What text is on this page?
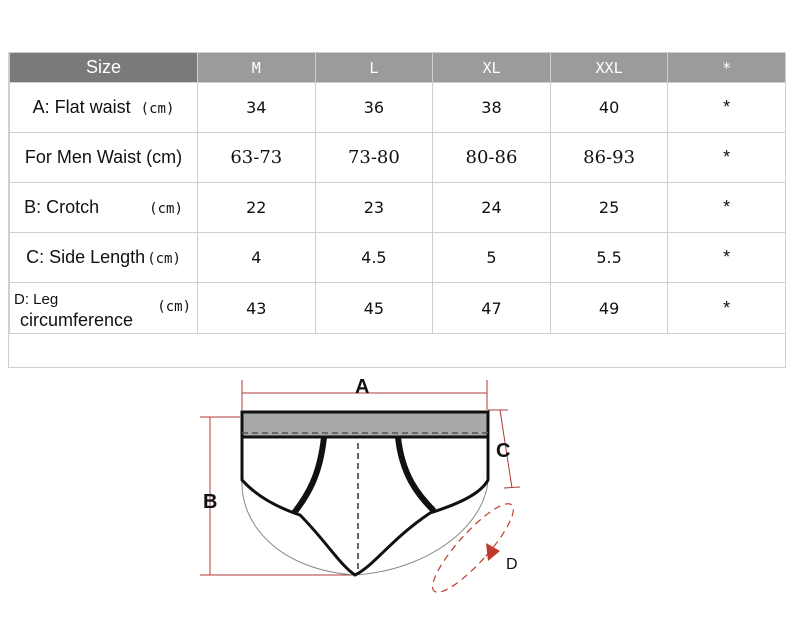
Size	M	L	XL	XXL	*
A: Flat waist (cm)	34	36	38	40	*
For Men Waist (cm)	63-73	73-80	80-86	86-93	*
B: Crotch (cm)	22	23	24	25	*
C: Side Length (cm)	4	4.5	5	5.5	*

D: Leg
circumference
(cm)	43	45	47	49	*

A
B
C
D
